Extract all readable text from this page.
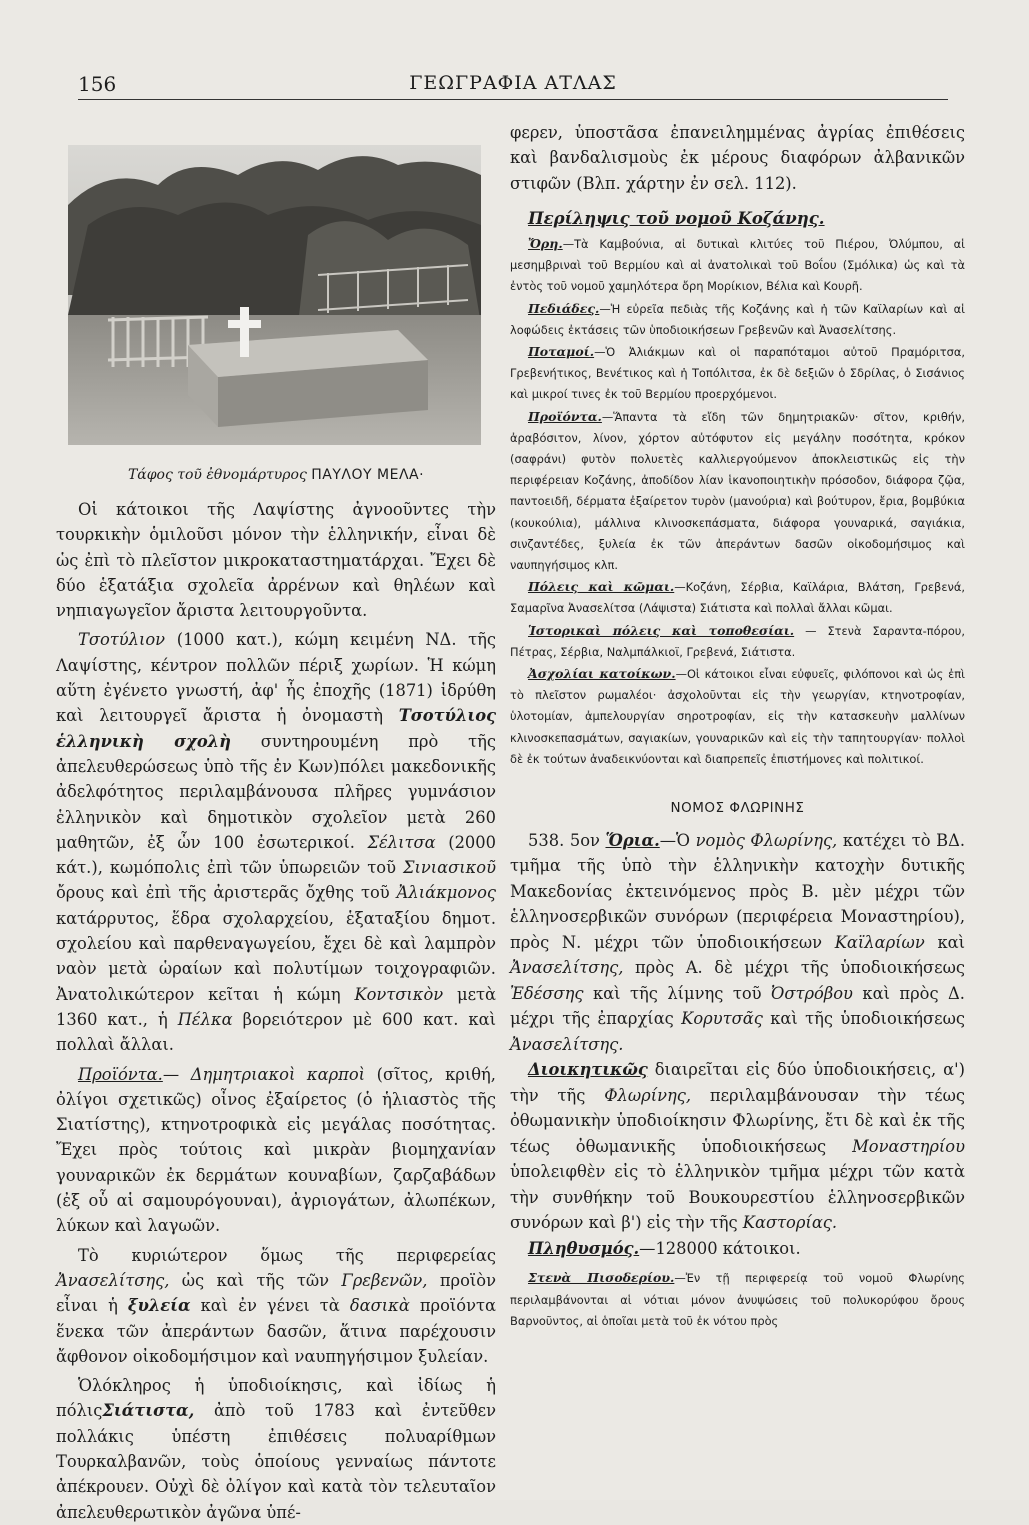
156	ΓΕΩΓΡΑΦΙΑ ΑΤΛΑΣ
Τάφος τοῦ ἐθνομάρτυρος ΠΑΥΛΟΥ ΜΕΛΑ·

Οἱ κάτοικοι τῆς Λαψίστης ἀγνοοῦντες τὴν τουρκικὴν ὁμιλοῦσι μόνον τὴν ἑλληνικήν, εἶναι δὲ ὡς ἐπὶ τὸ πλεῖστον μικροκαταστηματάρχαι. Ἔχει δὲ δύο ἑξατάξια σχολεῖα ἀρρένων καὶ θηλέων καὶ νηπιαγωγεῖον ἄριστα λειτουργοῦντα.

Τσοτύλιον (1000 κατ.), κώμη κειμένη ΝΔ. τῆς Λαψίστης, κέντρον πολλῶν πέριξ χωρίων. Ἡ κώμη αὕτη ἐγένετο γνωστή, ἀφ' ἧς ἐποχῆς (1871) ἱδρύθη καὶ λειτουργεῖ ἄριστα ἡ ὀνομαστὴ Τσοτύλιος ἑλληνικὴ σχολὴ συντηρουμένη πρὸ τῆς ἀπελευθερώσεως ὑπὸ τῆς ἐν Κων)πόλει μακεδονικῆς ἀδελφότητος περιλαμβάνουσα πλῆρες γυμνάσιον ἑλληνικὸν καὶ δημοτικὸν σχολεῖον μετὰ 260 μαθητῶν, ἐξ ὧν 100 ἐσωτερικοί. Σέλιτσα (2000 κάτ.), κωμόπολις ἐπὶ τῶν ὑπωρειῶν τοῦ Σινιασικοῦ ὄρους καὶ ἐπὶ τῆς ἀριστερᾶς ὄχθης τοῦ Ἀλιάκμονος κατάρρυτος, ἕδρα σχολαρχείου, ἑξαταξίου δημοτ. σχολείου καὶ παρθεναγωγείου, ἔχει δὲ καὶ λαμπρὸν ναὸν μετὰ ὡραίων καὶ πολυτίμων τοιχογραφιῶν. Ἀνατολικώτερον κεῖται ἡ κώμη Κοντσικὸν μετὰ 1360 κατ., ἡ Πέλκα βορειότερον μὲ 600 κατ. καὶ πολλαὶ ἄλλαι.

Προϊόντα.— Δημητριακοὶ καρποὶ (σῖτος, κριθή, ὀλίγοι σχετικῶς) οἶνος ἐξαίρετος (ὁ ἡλιαστὸς τῆς Σιατίστης), κτηνοτροφικὰ εἰς μεγάλας ποσότητας. Ἔχει πρὸς τούτοις καὶ μικρὰν βιομηχανίαν γουναρικῶν ἐκ δερμάτων κουναβίων, ζαρζαβάδων (ἐξ οὗ αἱ σαμουρόγουναι), ἀγριογάτων, ἀλωπέκων, λύκων καὶ λαγωῶν.

Τὸ κυριώτερον ὅμως τῆς περιφερείας Ἀνασελίτσης, ὡς καὶ τῆς τῶν Γρεβενῶν, προϊὸν εἶναι ἡ ξυλεία καὶ ἐν γένει τὰ δασικὰ προϊόντα ἕνεκα τῶν ἀπεράντων δασῶν, ἅτινα παρέχουσιν ἄφθονον οἰκοδομήσιμον καὶ ναυπηγήσιμον ξυλείαν.

Ὁλόκληρος ἡ ὑποδιοίκησις, καὶ ἰδίως ἡ πόλιςΣιάτιστα, ἀπὸ τοῦ 1783 καὶ ἐντεῦθεν πολλάκις ὑπέστη ἐπιθέσεις πολυαρίθμων Τουρκαλβανῶν, τοὺς ὁποίους γενναίως πάντοτε ἀπέκρουεν. Οὐχὶ δὲ ὀλίγον καὶ κατὰ τὸν τελευταῖον ἀπελευθερωτικὸν ἀγῶνα ὑπέ-

φερεν, ὑποστᾶσα ἐπανειλημμένας ἀγρίας ἐπιθέσεις καὶ βανδαλισμοὺς ἐκ μέρους διαφόρων ἀλβανικῶν στιφῶν (Βλπ. χάρτην ἐν σελ. 112).

Περίληψις τοῦ νομοῦ Κοζάνης.

Ὄρη.—Τὰ Καμβούνια, αἱ δυτικαὶ κλιτύες τοῦ Πιέρου, Ὀλύμπου, αἱ μεσημβριναὶ τοῦ Βερμίου καὶ αἱ ἀνατολικαὶ τοῦ Βοΐου (Σμόλικα) ὡς καὶ τὰ ἐντὸς τοῦ νομοῦ χαμηλότερα ὄρη Μορίκιον, Βέλια καὶ Κουρῆ.

Πεδιάδες.—Ἡ εὐρεῖα πεδιὰς τῆς Κοζάνης καὶ ἡ τῶν Καϊλαρίων καὶ αἱ λοφώδεις ἐκτάσεις τῶν ὑποδιοικήσεων Γρεβενῶν καὶ Ἀνασελίτσης.

Ποταμοί.—Ὁ Ἀλιάκμων καὶ οἱ παραπόταμοι αὐτοῦ Πραμόριτσα, Γρεβενήτικος, Βενέτικος καὶ ἡ Τοπόλιτσα, ἐκ δὲ δεξιῶν ὁ Σδρίλας, ὁ Σισάνιος καὶ μικροί τινες ἐκ τοῦ Βερμίου προερχόμενοι.

Προϊόντα.—Ἅπαντα τὰ εἴδη τῶν δημητριακῶν· σῖτον, κριθήν, ἀραβόσιτον, λίνον, χόρτον αὐτόφυτον εἰς μεγάλην ποσότητα, κρόκον (σαφράνι) φυτὸν πολυετὲς καλλιεργούμενον ἀποκλειστικῶς εἰς τὴν περιφέρειαν Κοζάνης, ἀποδίδον λίαν ἱκανοποιητικὴν πρόσοδον, διάφορα ζῷα, παντοειδῆ, δέρματα ἐξαίρετον τυρὸν (μανούρια) καὶ βούτυρον, ἔρια, βομβύκια (κουκούλια), μάλλινα κλινοσκεπάσματα, διάφορα γουναρικά, σαγιάκια, σινζαντέδες, ξυλεία ἐκ τῶν ἀπεράντων δασῶν οἰκοδομήσιμος καὶ ναυπηγήσιμος κλπ.

Πόλεις καὶ κῶμαι.—Κοζάνη, Σέρβια, Καϊλάρια, Βλάτση, Γρεβενά, Σαμαρῖνα Ἀνασελίτσα (Λάψιστα) Σιάτιστα καὶ πολλαὶ ἄλλαι κῶμαι.

Ἱστορικαὶ πόλεις καὶ τοποθεσίαι. — Στενὰ Σαραντα-πόρου, Πέτρας, Σέρβια, Ναλμπάλκιοϊ, Γρεβενά, Σιάτιστα.

Ἀσχολίαι κατοίκων.—Οἱ κάτοικοι εἶναι εὐφυεῖς, φιλόπονοι καὶ ὡς ἐπὶ τὸ πλεῖστον ρωμαλέοι· ἀσχολοῦνται εἰς τὴν γεωργίαν, κτηνοτροφίαν, ὑλοτομίαν, ἀμπελουργίαν σηροτροφίαν, εἰς τὴν κατασκευὴν μαλλίνων κλινοσκεπασμάτων, σαγιακίων, γουναρικῶν καὶ εἰς τὴν ταπητουργίαν· πολλοὶ δὲ ἐκ τούτων ἀναδεικνύονται καὶ διαπρεπεῖς ἐπιστήμονες καὶ πολιτικοί.

ΝΟΜΟΣ ΦΛΩΡΙΝΗΣ

538. 5ον Ὅρια.—Ὁ νομὸς Φλωρίνης, κατέχει τὸ ΒΔ. τμῆμα τῆς ὑπὸ τὴν ἑλληνικὴν κατοχὴν δυτικῆς Μακεδονίας ἐκτεινόμενος πρὸς Β. μὲν μέχρι τῶν ἑλληνοσερβικῶν συνόρων (περιφέρεια Μοναστηρίου), πρὸς Ν. μέχρι τῶν ὑποδιοικήσεων Καϊλαρίων καὶ Ἀνασελίτσης, πρὸς Α. δὲ μέχρι τῆς ὑποδιοικήσεως Ἐδέσσης καὶ τῆς λίμνης τοῦ Ὀστρόβου καὶ πρὸς Δ. μέχρι τῆς ἐπαρχίας Κορυτσᾶς καὶ τῆς ὑποδιοικήσεως Ἀνασελίτσης.

Διοικητικῶς διαιρεῖται εἰς δύο ὑποδιοικήσεις, α') τὴν τῆς Φλωρίνης, περιλαμβάνουσαν τὴν τέως ὀθωμανικὴν ὑποδιοίκησιν Φλωρίνης, ἔτι δὲ καὶ ἐκ τῆς τέως ὀθωμανικῆς ὑποδιοικήσεως Μοναστηρίου ὑπολειφθὲν εἰς τὸ ἑλληνικὸν τμῆμα μέχρι τῶν κατὰ τὴν συνθήκην τοῦ Βουκουρεστίου ἑλληνοσερβικῶν συνόρων καὶ β') εἰς τὴν τῆς Καστορίας.

Πληθυσμός.—128000 κάτοικοι.

Στενὰ Πισοδερίου.—Ἐν τῇ περιφερείᾳ τοῦ νομοῦ Φλωρίνης περιλαμβάνονται αἱ νότιαι μόνον ἀνυψώσεις τοῦ πολυκορύφου ὄρους Βαρνοῦντος, αἱ ὁποῖαι μετὰ τοῦ ἐκ νότου πρὸς
